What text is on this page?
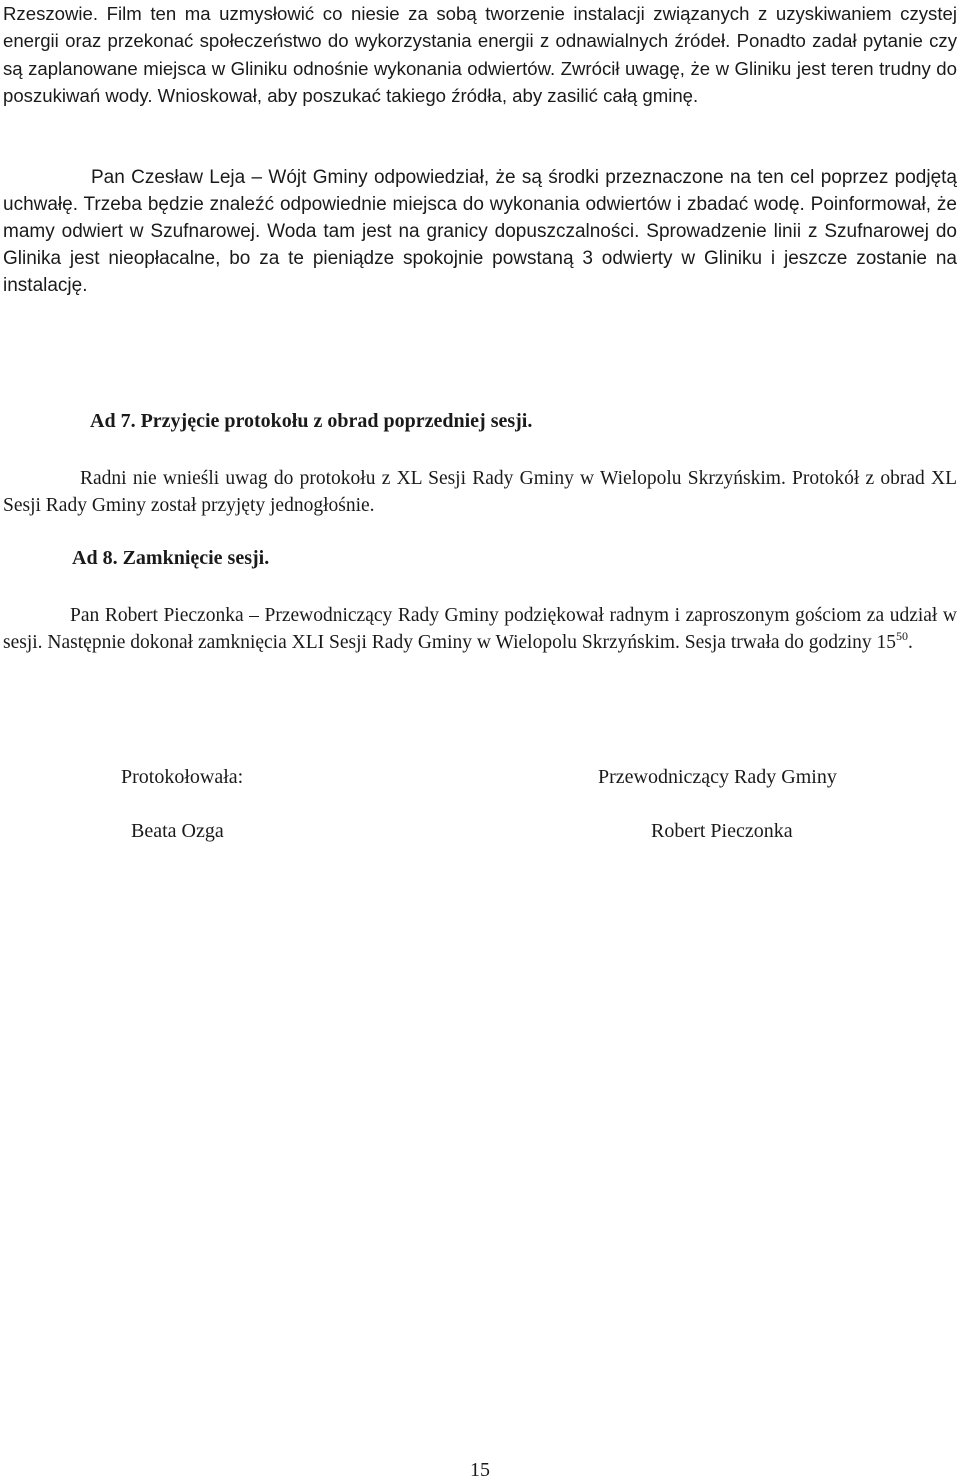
Rzeszowie. Film ten ma uzmysłowić co niesie za sobą tworzenie instalacji związanych z uzyskiwaniem czystej energii oraz przekonać społeczeństwo do wykorzystania energii z odnawialnych źródeł. Ponadto zadał pytanie czy są zaplanowane miejsca w Gliniku odnośnie wykonania odwiertów. Zwrócił uwagę, że w Gliniku jest teren trudny do poszukiwań wody. Wnioskował, aby poszukać takiego źródła, aby zasilić całą gminę.

Pan Czesław Leja – Wójt Gminy odpowiedział, że są środki przeznaczone na ten cel poprzez podjętą uchwałę. Trzeba będzie znaleźć odpowiednie miejsca do wykonania odwiertów i zbadać wodę. Poinformował, że mamy odwiert w Szufnarowej. Woda tam jest na granicy dopuszczalności. Sprowadzenie linii z Szufnarowej do Glinika jest nieopłacalne, bo za te pieniądze spokojnie powstaną 3 odwierty w Gliniku i jeszcze zostanie na instalację.

Ad 7. Przyjęcie protokołu z obrad poprzedniej sesji.

Radni nie wnieśli uwag do protokołu z XL Sesji Rady Gminy w Wielopolu Skrzyńskim. Protokół z obrad XL Sesji Rady Gminy został przyjęty jednogłośnie.

Ad 8. Zamknięcie sesji.

Pan Robert Pieczonka – Przewodniczący Rady Gminy podziękował radnym i zaproszonym gościom za udział w sesji. Następnie dokonał zamknięcia XLI Sesji Rady Gminy w Wielopolu Skrzyńskim. Sesja trwała do godziny $15^{50}$.

Protokołowała:

Beata Ozga

Przewodniczący Rady Gminy

Robert Pieczonka

15
